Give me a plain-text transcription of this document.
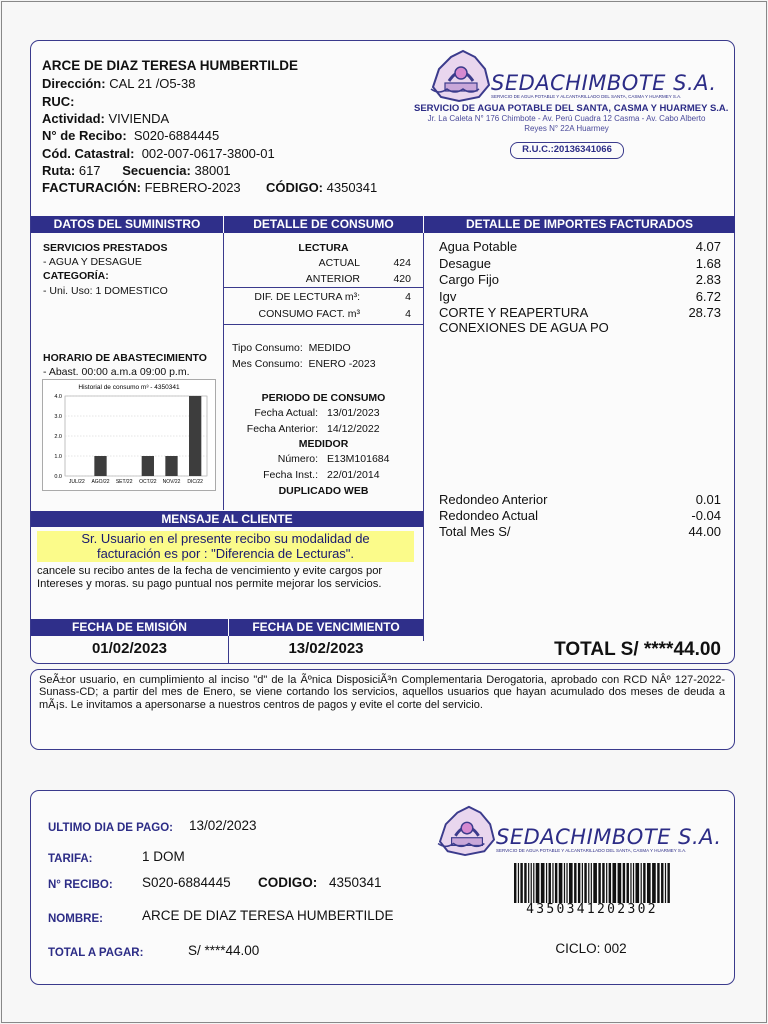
ARCE DE DIAZ TERESA HUMBERTILDE
Dirección: CAL 21 /O5-38
RUC:
Actividad: VIVIENDA
N° de Recibo: S020-6884445
Cód. Catastral: 002-007-0617-3800-01
Ruta: 617 Secuencia: 38001
FACTURACIÓN: FEBRERO-2023 CÓDIGO: 4350341
SEDACHIMBOTE S.A.
SERVICIO DE AGUA POTABLE Y ALCANTARILLADO DEL SANTA, CASMA Y HUARMEY S.A.
SERVICIO DE AGUA POTABLE DEL SANTA, CASMA Y HUARMEY S.A.
Jr. La Caleta N° 176 Chimbote - Av. Perú Cuadra 12 Casma - Av. Cabo Alberto
Reyes N° 22A Huarmey
R.U.C.:20136341066
DATOS DEL SUMINISTRO	DETALLE DE CONSUMO	DETALLE DE IMPORTES FACTURADOS
SERVICIOS PRESTADOS
- AGUA Y DESAGUE
CATEGORÍA:
- Uni. Uso: 1 DOMESTICO
HORARIO DE ABASTECIMIENTO
- Abast. 00:00 a.m.a 09:00 p.m.
Historial de consumo m³ - 4350341
4.0
3.0
2.0
1.0
0.0
JUL/22 AGO/22 SET/22 OCT/22 NOV/22 DIC/22
LECTURA
ACTUAL	424
ANTERIOR	420
DIF. DE LECTURA m³:	4
CONSUMO FACT. m³	4
Tipo Consumo: MEDIDO
Mes Consumo: ENERO -2023
PERIODO DE CONSUMO
Fecha Actual: 13/01/2023
Fecha Anterior: 14/12/2022
MEDIDOR
Número: E13M101684
Fecha Inst.: 22/01/2014
DUPLICADO WEB
Agua Potable	4.07
Desague	1.68
Cargo Fijo	2.83
Igv	6.72
CORTE Y REAPERTURA	28.73
CONEXIONES DE AGUA PO
Redondeo Anterior	0.01
Redondeo Actual	-0.04
Total Mes S/	44.00
MENSAJE AL CLIENTE
Sr. Usuario en el presente recibo su modalidad de
facturación es por : "Diferencia de Lecturas".
cancele su recibo antes de la fecha de vencimiento y evite cargos por Intereses y moras. su pago puntual nos permite mejorar los servicios.
FECHA DE EMISIÓN	FECHA DE VENCIMIENTO
01/02/2023	13/02/2023	TOTAL S/ ****44.00
SeÃ±or usuario, en cumplimiento al inciso "d" de la Ãºnica DisposiciÃ³n Complementaria Derogatoria, aprobado con RCD NÂº 127-2022-Sunass-CD; a partir del mes de Enero, se viene cortando los servicios, aquellos usuarios que hayan acumulado dos meses de deuda a mÃ¡s. Le invitamos a apersonarse a nuestros centros de pagos y evite el corte del servicio.
ULTIMO DIA DE PAGO: 13/02/2023
TARIFA:	1 DOM
N° RECIBO: S020-6884445 CODIGO: 4350341
NOMBRE:	ARCE DE DIAZ TERESA HUMBERTILDE
TOTAL A PAGAR:	S/ ****44.00
SEDACHIMBOTE S.A.
SERVICIO DE AGUA POTABLE Y ALCANTARILLADO DEL SANTA, CASMA Y HUARMEY S.A.
4350341202302
CICLO: 002
